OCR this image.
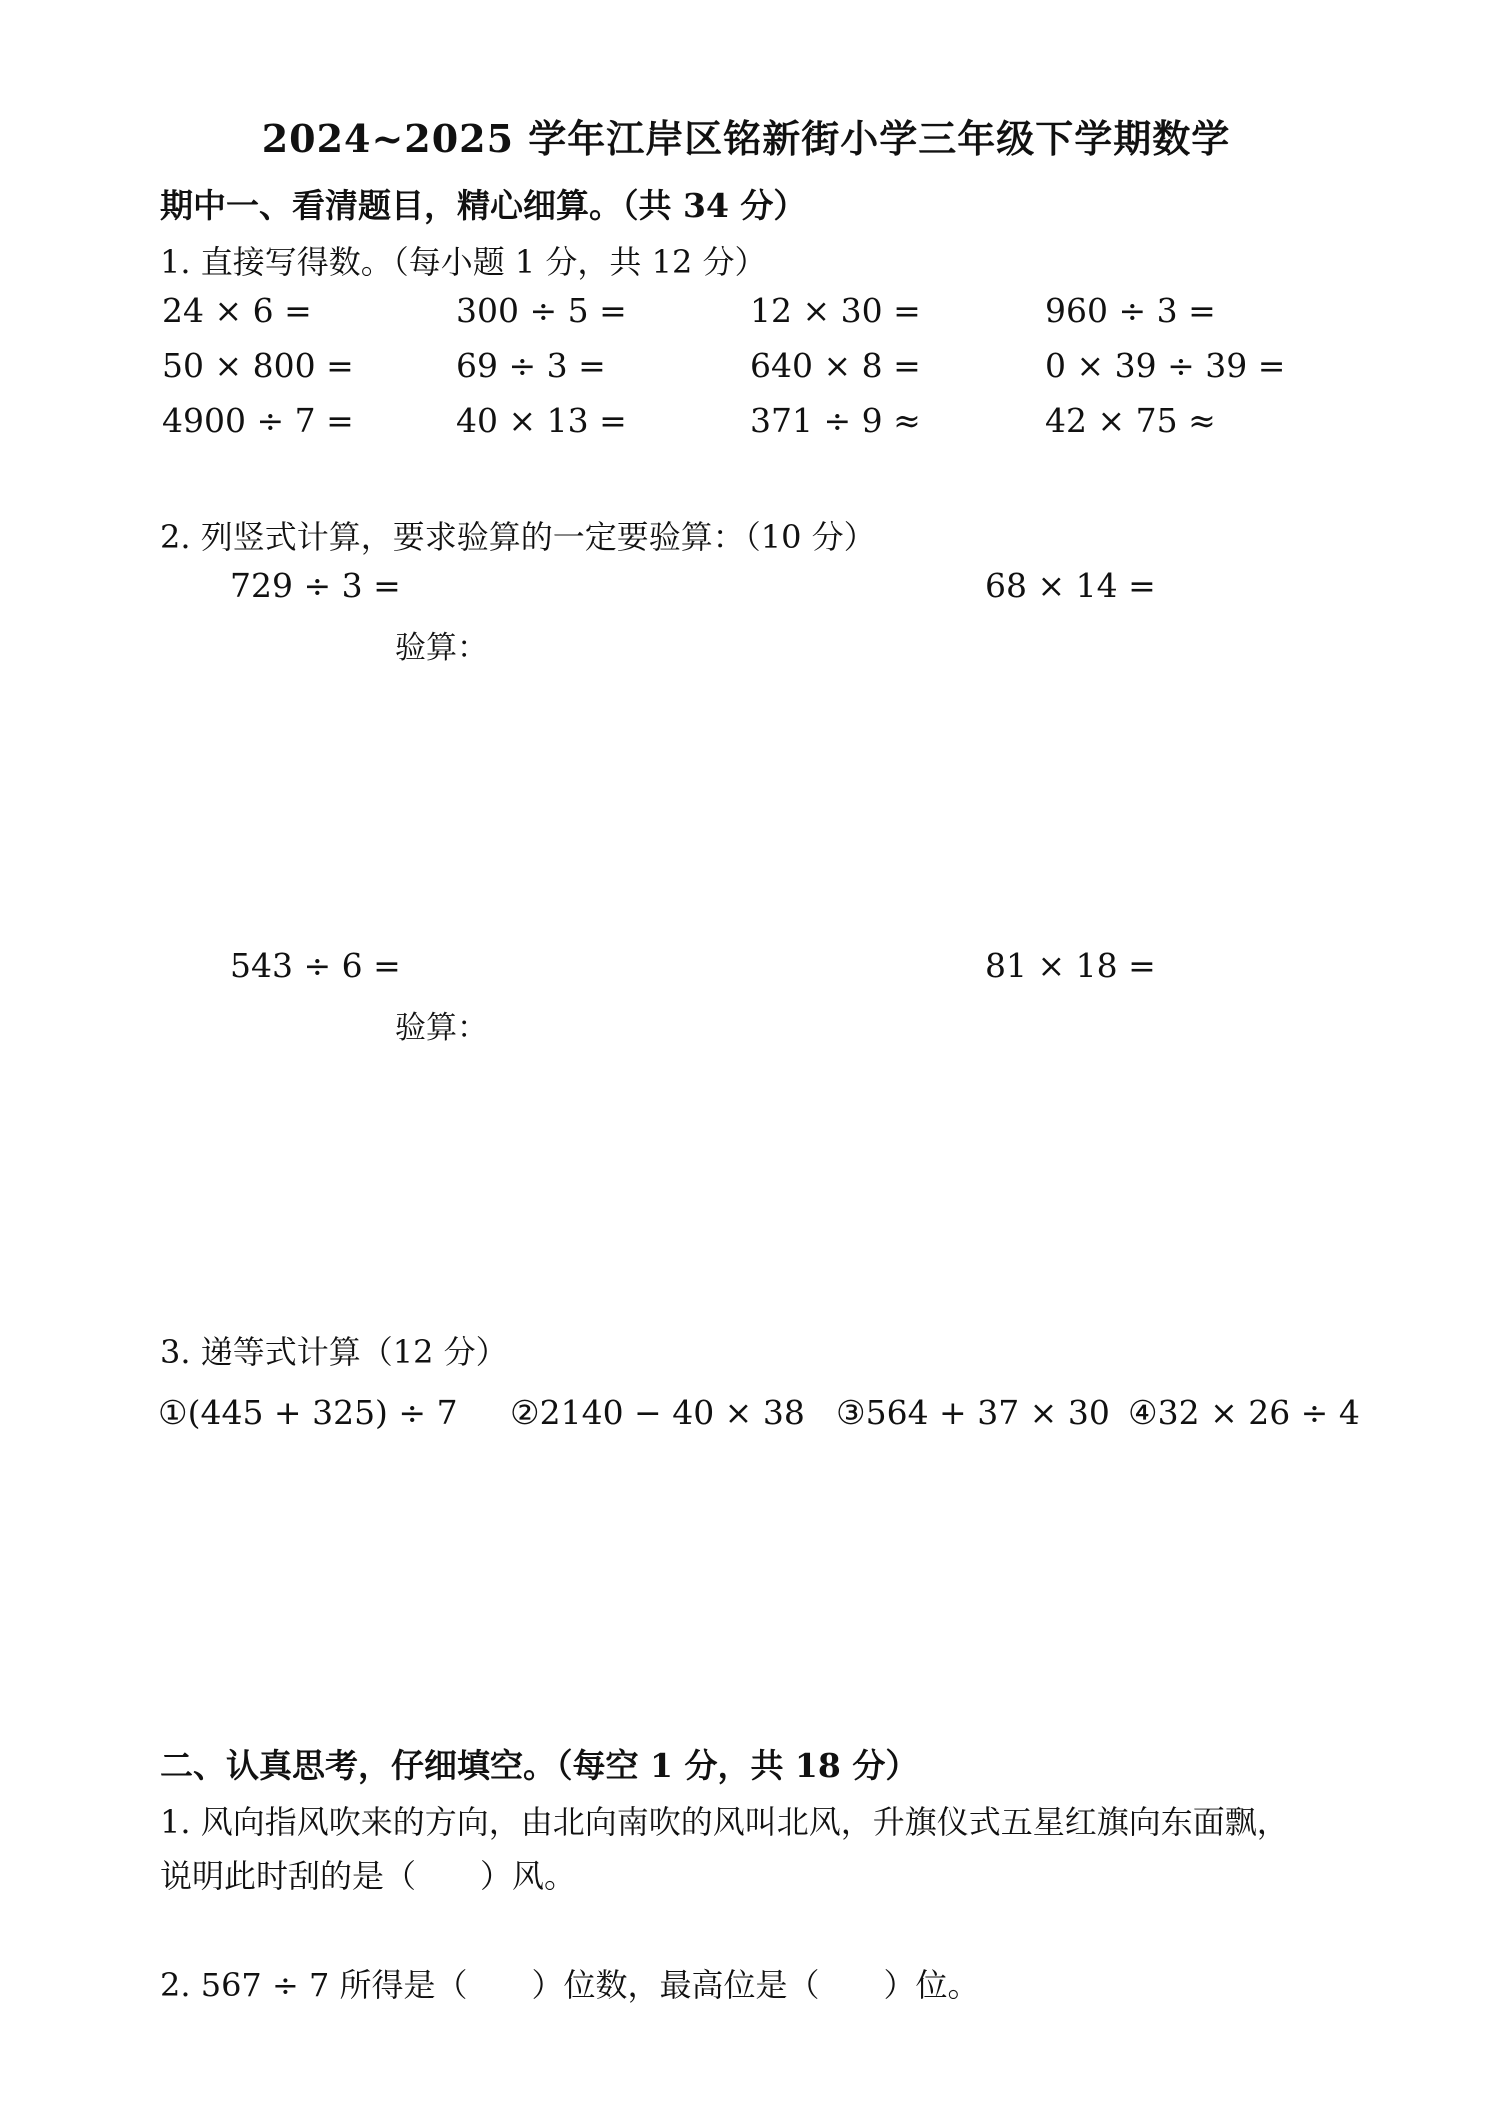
2024~2025 学年江岸区铭新街小学三年级下学期数学
期中一、看清题目，精心细算。（共 34 分）
1. 直接写得数。（每小题 1 分，共 12 分）
24 × 6 =	300 ÷ 5 =	12 × 30 =	960 ÷ 3 =
50 × 800 =	69 ÷ 3 =	640 × 8 =	0 × 39 ÷ 39 =
4900 ÷ 7 =	40 × 13 =	371 ÷ 9 ≈	42 × 75 ≈
2. 列竖式计算，要求验算的一定要验算：（10 分）
729 ÷ 3 =	68 × 14 =
验算：
543 ÷ 6 =	81 × 18 =
验算：
3. 递等式计算（12 分）
①(445 + 325) ÷ 7 ②2140 − 40 × 38 ③564 + 37 × 30 ④32 × 26 ÷ 4
二、认真思考，仔细填空。（每空 1 分，共 18 分）
1. 风向指风吹来的方向，由北向南吹的风叫北风，升旗仪式五星红旗向东面飘，
说明此时刮的是（　　）风。
2. 567 ÷ 7 所得是（　　）位数，最高位是（　　）位。
